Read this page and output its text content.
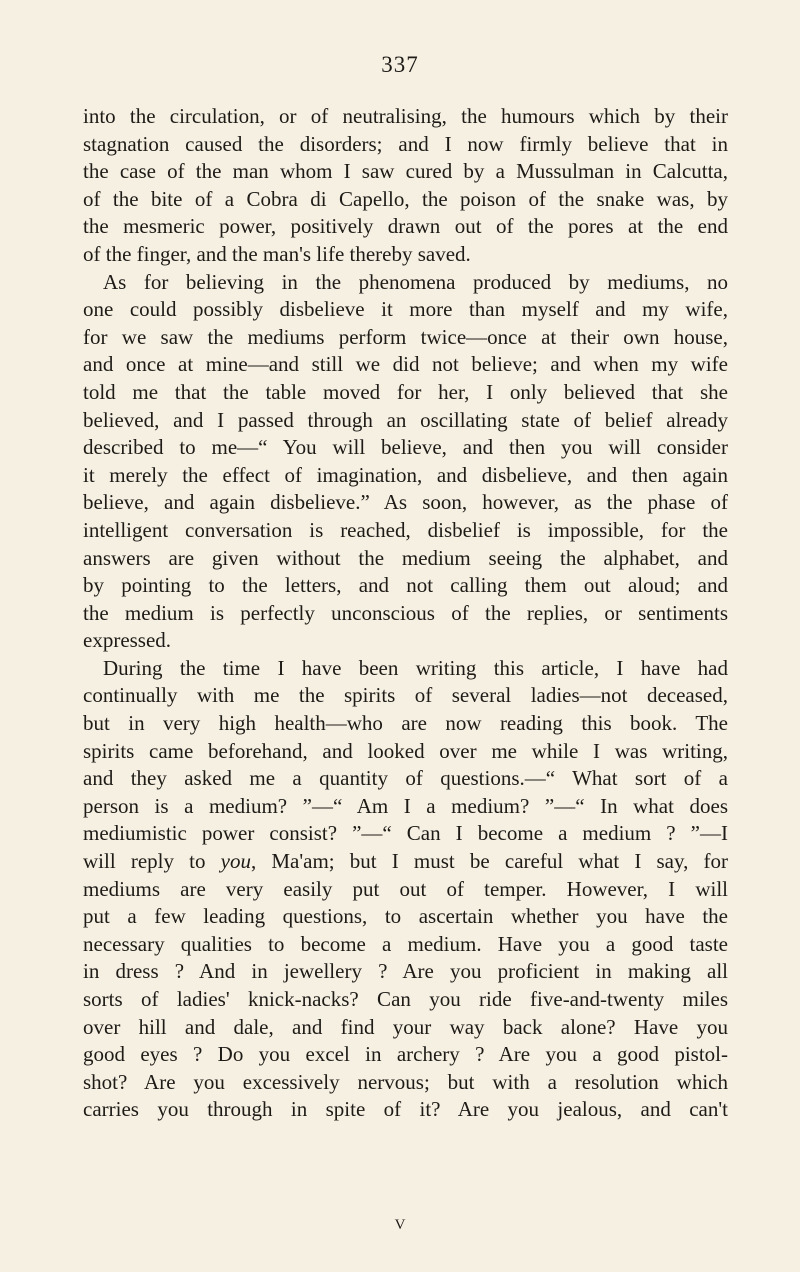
337
into the circulation, or of neutralising, the humours which by their
stagnation caused the disorders; and I now firmly believe that in
the case of the man whom I saw cured by a Mussulman in Calcutta,
of the bite of a Cobra di Capello, the poison of the snake was, by
the mesmeric power, positively drawn out of the pores at the end
of the finger, and the man's life thereby saved.
As for believing in the phenomena produced by mediums, no
one could possibly disbelieve it more than myself and my wife,
for we saw the mediums perform twice—once at their own house,
and once at mine—and still we did not believe; and when my wife
told me that the table moved for her, I only believed that she
believed, and I passed through an oscillating state of belief already
described to me—“ You will believe, and then you will consider
it merely the effect of imagination, and disbelieve, and then again
believe, and again disbelieve.” As soon, however, as the phase of
intelligent conversation is reached, disbelief is impossible, for the
answers are given without the medium seeing the alphabet, and
by pointing to the letters, and not calling them out aloud; and
the medium is perfectly unconscious of the replies, or sentiments
expressed.
During the time I have been writing this article, I have had
continually with me the spirits of several ladies—not deceased,
but in very high health—who are now reading this book. The
spirits came beforehand, and looked over me while I was writing,
and they asked me a quantity of questions.—“ What sort of a
person is a medium? ”—“ Am I a medium? ”—“ In what does
mediumistic power consist? ”—“ Can I become a medium ? ”—I
will reply to you, Ma'am; but I must be careful what I say, for
mediums are very easily put out of temper. However, I will
put a few leading questions, to ascertain whether you have the
necessary qualities to become a medium. Have you a good taste
in dress ? And in jewellery ? Are you proficient in making all
sorts of ladies' knick-nacks? Can you ride five-and-twenty miles
over hill and dale, and find your way back alone? Have you
good eyes ? Do you excel in archery ? Are you a good pistol-
shot? Are you excessively nervous; but with a resolution which
carries you through in spite of it? Are you jealous, and can't
V
